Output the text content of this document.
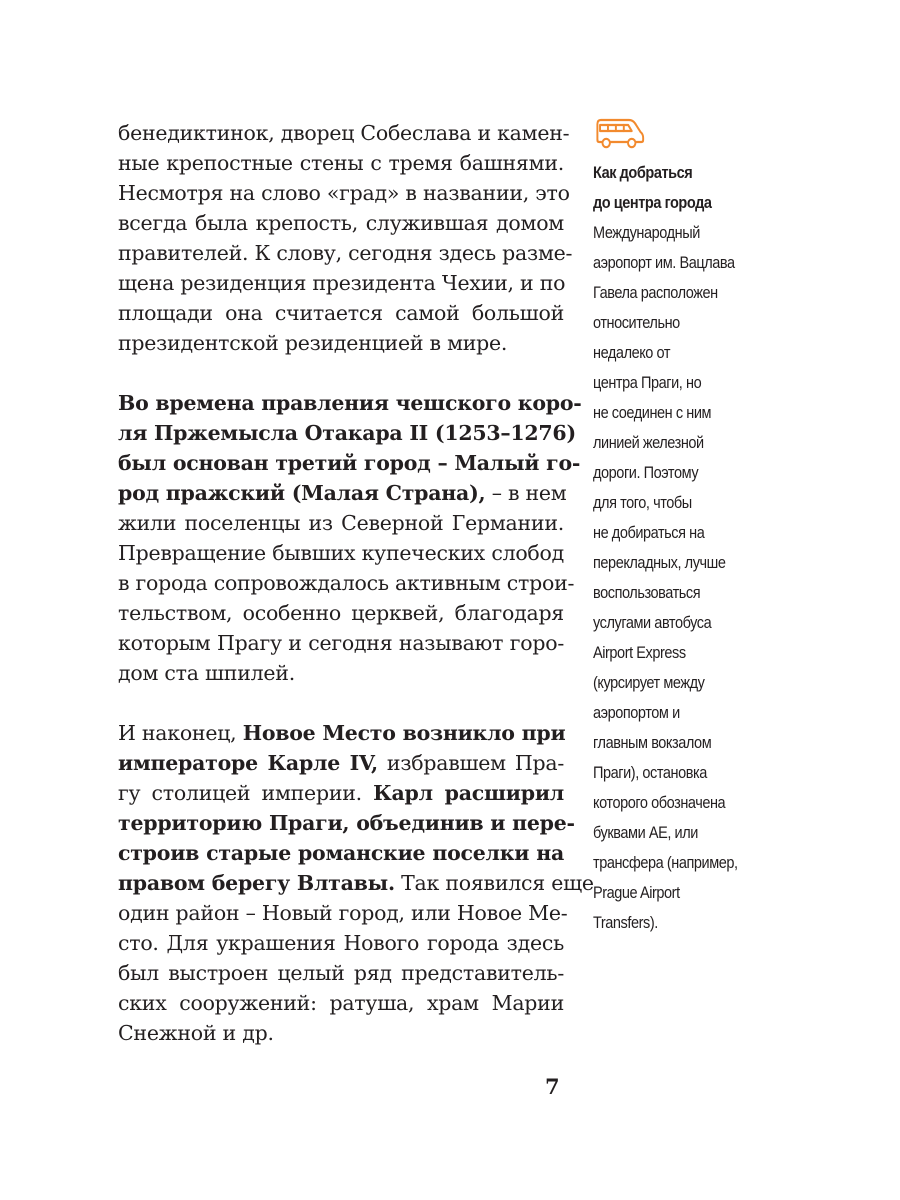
бенедиктинок, дворец Собеслава и камен-
ные крепостные стены с тремя башнями.
Несмотря на слово «град» в названии, это
всегда была крепость, служившая домом
правителей. К слову, сегодня здесь разме-
щена резиденция президента Чехии, и по
площади она считается самой большой
президентской резиденцией в мире.
Во времена правления чешского коро-
ля Пржемысла Отакара II (1253–1276)
был основан третий город – Малый го-
род пражский (Малая Страна), – в нем
жили поселенцы из Северной Германии.
Превращение бывших купеческих слобод
в города сопровождалось активным строи-
тельством, особенно церквей, благодаря
которым Прагу и сегодня называют горо-
дом ста шпилей.
И наконец, Новое Место возникло при
императоре Карле IV, избравшем Пра-
гу столицей империи. Карл расширил
территорию Праги, объединив и пере-
строив старые романские поселки на
правом берегу Влтавы. Так появился еще
один район – Новый город, или Новое Ме-
сто. Для украшения Нового города здесь
был выстроен целый ряд представитель-
ских сооружений: ратуша, храм Марии
Снежной и др.
Как добраться
до центра города
Международный
аэропорт им. Вацлава
Гавела расположен
относительно
недалеко от
центра Праги, но
не соединен с ним
линией железной
дороги. Поэтому
для того, чтобы
не добираться на
перекладных, лучше
воспользоваться
услугами автобуса
Airport Express
(курсирует между
аэропортом и
главным вокзалом
Праги), остановка
которого обозначена
буквами АЕ, или
трансфера (например,
Prague Airport
Transfers).
7
